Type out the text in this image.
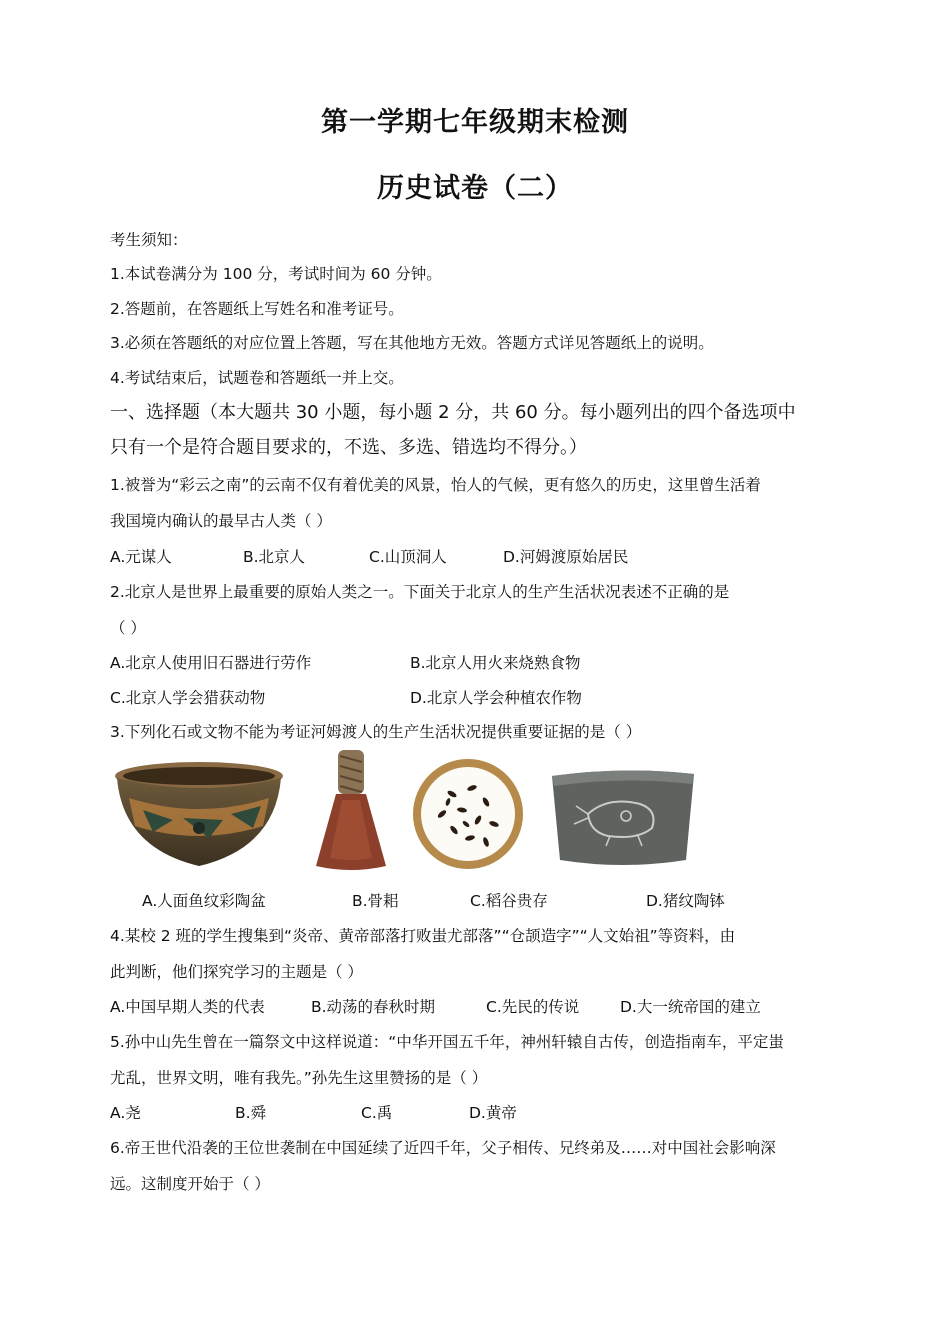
第一学期七年级期末检测
历史试卷（二）
考生须知：
1.本试卷满分为 100 分，考试时间为 60 分钟。
2.答题前，在答题纸上写姓名和准考证号。
3.必须在答题纸的对应位置上答题，写在其他地方无效。答题方式详见答题纸上的说明。
4.考试结束后，试题卷和答题纸一并上交。
一、选择题（本大题共 30 小题，每小题 2 分，共 60 分。每小题列出的四个备选项中
只有一个是符合题目要求的，不选、多选、错选均不得分。）
1.被誉为“彩云之南”的云南不仅有着优美的风景，怡人的气候，更有悠久的历史，这里曾生活着
我国境内确认的最早古人类（ ）
A.元谋人	B.北京人	C.山顶洞人	D.河姆渡原始居民
2.北京人是世界上最重要的原始人类之一。下面关于北京人的生产生活状况表述不正确的是
（ ）
A.北京人使用旧石器进行劳作	B.北京人用火来烧熟食物
C.北京人学会猎获动物	D.北京人学会种植农作物
3.下列化石或文物不能为考证河姆渡人的生产生活状况提供重要证据的是（ ）
A.人面鱼纹彩陶盆	B.骨耜	C.稻谷贵存	D.猪纹陶钵
4.某校 2 班的学生搜集到“炎帝、黄帝部落打败蚩尤部落”“仓颉造字”“人文始祖”等资料，由
此判断，他们探究学习的主题是（ ）
A.中国早期人类的代表	B.动荡的春秋时期	C.先民的传说	D.大一统帝国的建立
5.孙中山先生曾在一篇祭文中这样说道：“中华开国五千年，神州轩辕自古传，创造指南车，平定蚩
尤乱，世界文明，唯有我先。”孙先生这里赞扬的是（ ）
A.尧	B.舜	C.禹	D.黄帝
6.帝王世代沿袭的王位世袭制在中国延续了近四千年，父子相传、兄终弟及……对中国社会影响深
远。这制度开始于（ ）
